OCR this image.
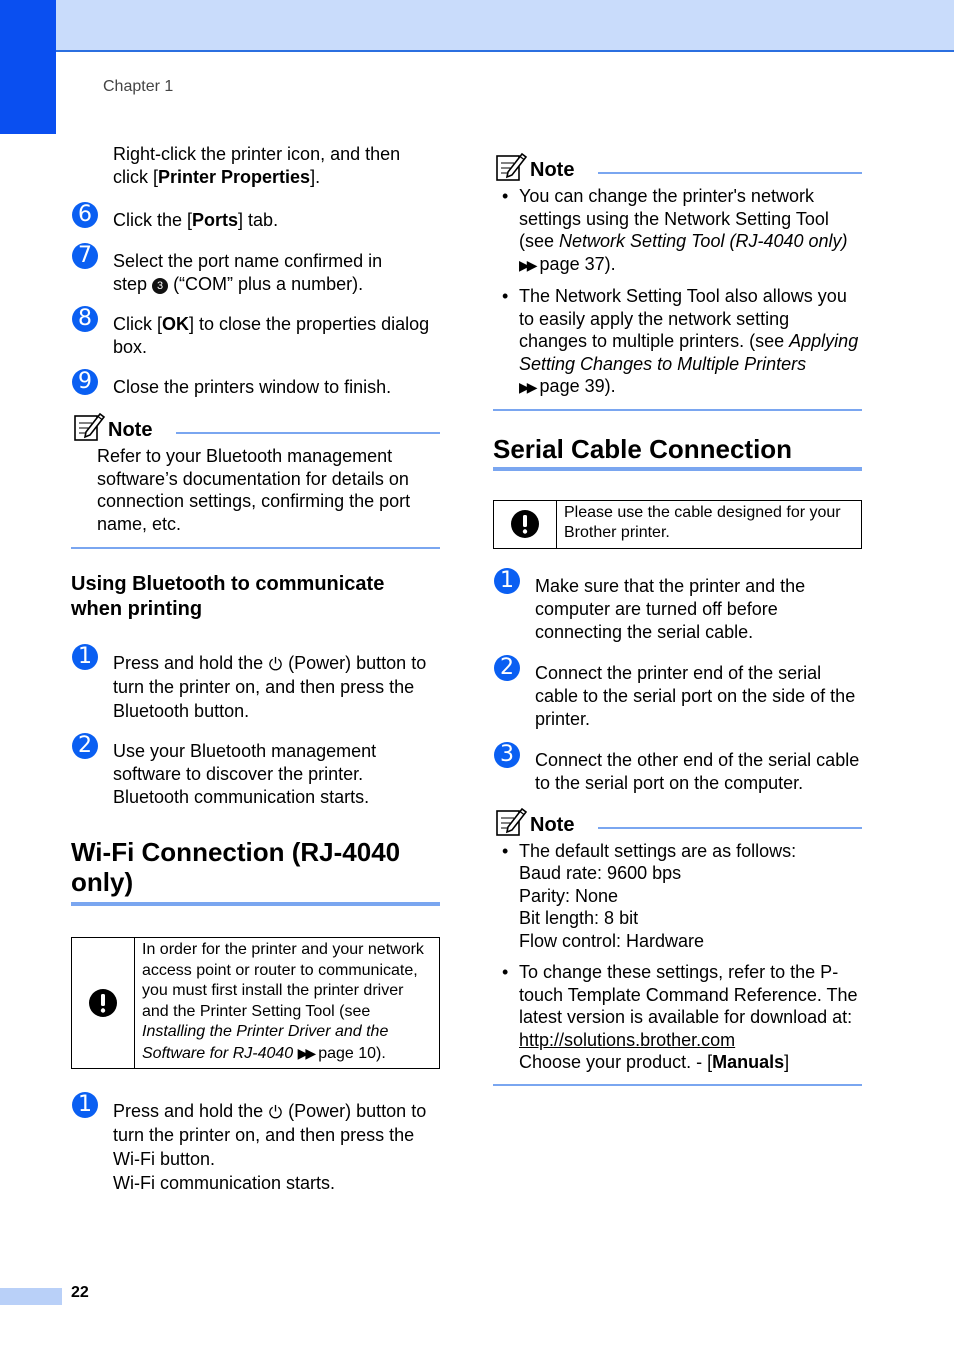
Chapter 1
Right-click the printer icon, and then
click [Printer Properties].
6	Click the [Ports] tab.
7	Select the port name confirmed in
step 3 (“COM” plus a number).
8	Click [OK] to close the properties dialog box.
9	Close the printers window to finish.
Note
Refer to your Bluetooth management software’s documentation for details on connection settings, confirming the port name, etc.
Using Bluetooth to communicate when printing
1	Press and hold the (Power) button to turn the printer on, and then press the Bluetooth button.
2	Use your Bluetooth management software to discover the printer. Bluetooth communication starts.
Wi-Fi Connection (RJ-4040 only)
In order for the printer and your network access point or router to communicate, you must first install the printer driver and the Printer Setting Tool (see Installing the Printer Driver and the Software for RJ-4040 ▶▶ page 10).
1	Press and hold the (Power) button to turn the printer on, and then press the Wi-Fi button.
Wi-Fi communication starts.
Note
• You can change the printer's network settings using the Network Setting Tool (see Network Setting Tool (RJ-4040 only)
▶▶ page 37).
• The Network Setting Tool also allows you to easily apply the network setting changes to multiple printers. (see Applying Setting Changes to Multiple Printers ▶▶ page 39).
Serial Cable Connection
Please use the cable designed for your Brother printer.
1	Make sure that the printer and the computer are turned off before connecting the serial cable.
2	Connect the printer end of the serial cable to the serial port on the side of the printer.
3	Connect the other end of the serial cable to the serial port on the computer.
Note
• The default settings are as follows:
Baud rate: 9600 bps
Parity: None
Bit length: 8 bit
Flow control: Hardware
• To change these settings, refer to the P-touch Template Command Reference. The latest version is available for download at:
http://solutions.brother.com
Choose your product. - [Manuals]
22
